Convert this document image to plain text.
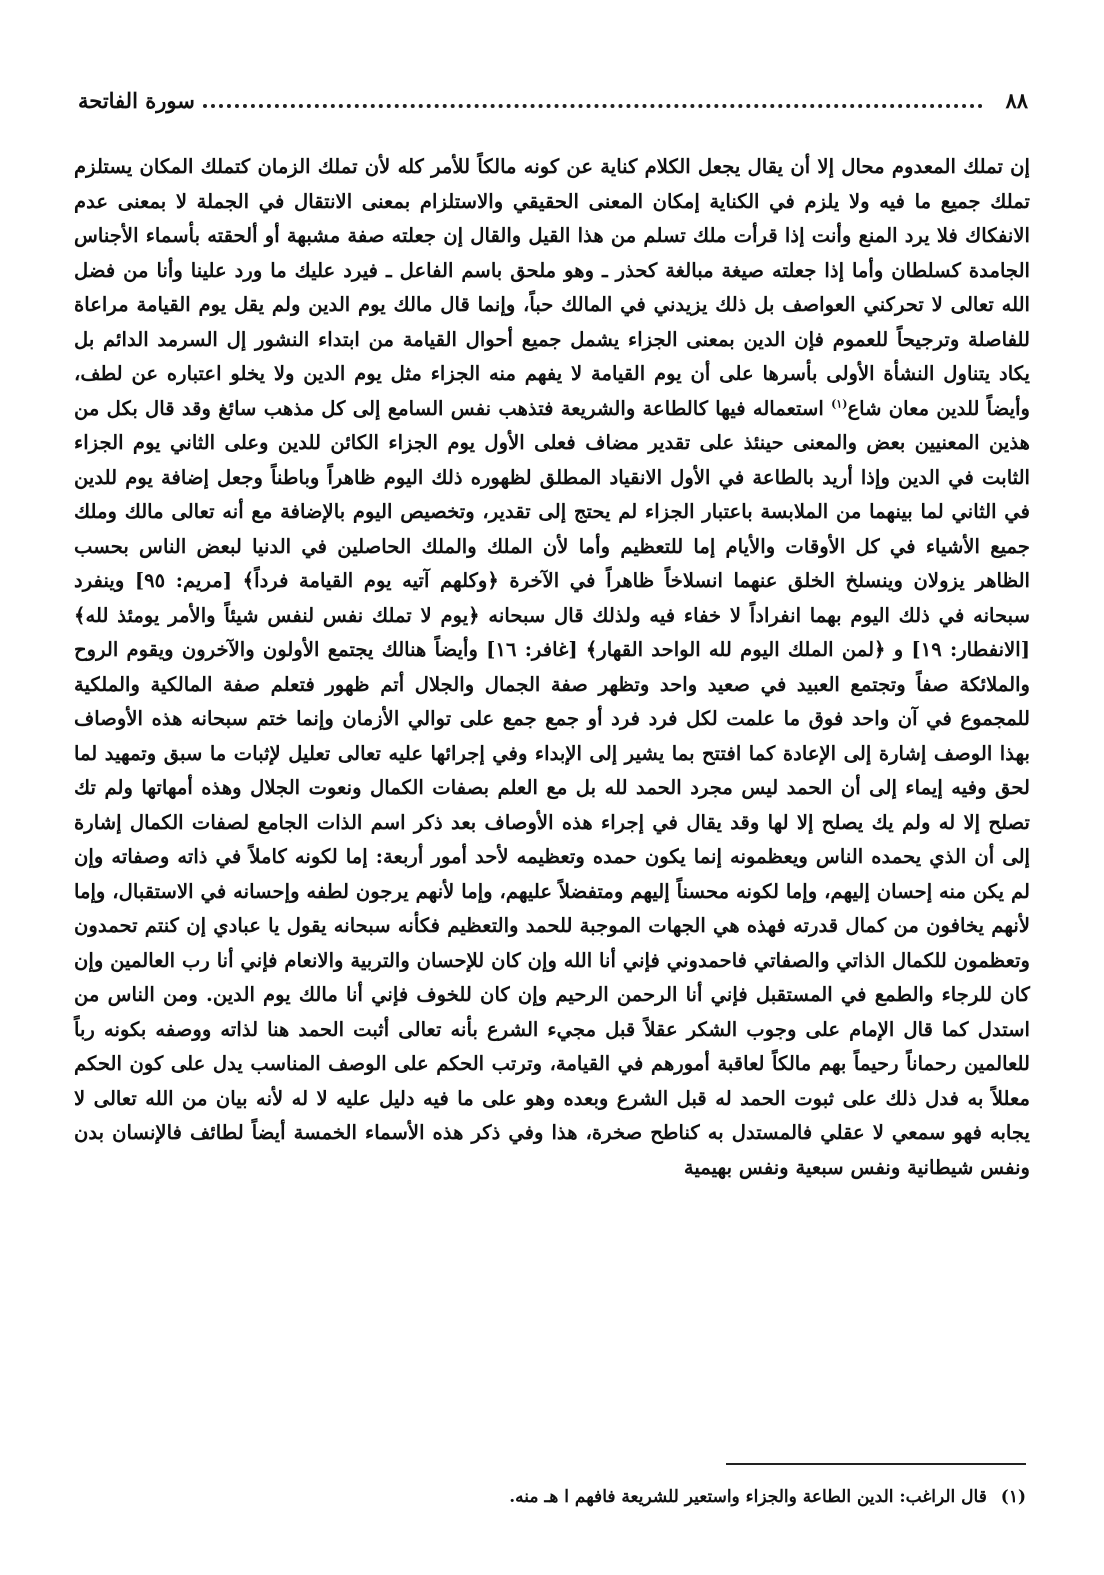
٨٨
سورة الفاتحة

إن تملك المعدوم محال إلا أن يقال يجعل الكلام كناية عن كونه مالكاً للأمر كله لأن تملك الزمان كتملك المكان يستلزم تملك جميع ما فيه ولا يلزم في الكناية إمكان المعنى الحقيقي والاستلزام بمعنى الانتقال في الجملة لا بمعنى عدم الانفكاك فلا يرد المنع وأنت إذا قرأت ملك تسلم من هذا القيل والقال إن جعلته صفة مشبهة أو ألحقته بأسماء الأجناس الجامدة كسلطان وأما إذا جعلته صيغة مبالغة كحذر ـ وهو ملحق باسم الفاعل ـ فيرد عليك ما ورد علينا وأنا من فضل الله تعالى لا تحركني العواصف بل ذلك يزيدني في المالك حباً، وإنما قال مالك يوم الدين ولم يقل يوم القيامة مراعاة للفاصلة وترجيحاً للعموم فإن الدين بمعنى الجزاء يشمل جميع أحوال القيامة من ابتداء النشور إل السرمد الدائم بل يكاد يتناول النشأة الأولى بأسرها على أن يوم القيامة لا يفهم منه الجزاء مثل يوم الدين ولا يخلو اعتباره عن لطف، وأيضاً للدين معان شاع$^{(١)}$ استعماله فيها كالطاعة والشريعة فتذهب نفس السامع إلى كل مذهب سائغ وقد قال بكل من هذين المعنيين بعض والمعنى حينئذ على تقدير مضاف فعلى الأول يوم الجزاء الكائن للدين وعلى الثاني يوم الجزاء الثابت في الدين وإذا أريد بالطاعة في الأول الانقياد المطلق لظهوره ذلك اليوم ظاهراً وباطناً وجعل إضافة يوم للدين في الثاني لما بينهما من الملابسة باعتبار الجزاء لم يحتج إلى تقدير، وتخصيص اليوم بالإضافة مع أنه تعالى مالك وملك جميع الأشياء في كل الأوقات والأيام إما للتعظيم وأما لأن الملك والملك الحاصلين في الدنيا لبعض الناس بحسب الظاهر يزولان وينسلخ الخلق عنهما انسلاخاً ظاهراً في الآخرة ﴿وكلهم آتيه يوم القيامة فرداً﴾ [مريم: ٩٥] وينفرد سبحانه في ذلك اليوم بهما انفراداً لا خفاء فيه ولذلك قال سبحانه ﴿يوم لا تملك نفس لنفس شيئاً والأمر يومئذ لله﴾ [الانفطار: ١٩] و ﴿لمن الملك اليوم لله الواحد القهار﴾ [غافر: ١٦] وأيضاً هنالك يجتمع الأولون والآخرون ويقوم الروح والملائكة صفاً وتجتمع العبيد في صعيد واحد وتظهر صفة الجمال والجلال أتم ظهور فتعلم صفة المالكية والملكية للمجموع في آن واحد فوق ما علمت لكل فرد فرد أو جمع جمع على توالي الأزمان وإنما ختم سبحانه هذه الأوصاف بهذا الوصف إشارة إلى الإعادة كما افتتح بما يشير إلى الإبداء وفي إجرائها عليه تعالى تعليل لإثبات ما سبق وتمهيد لما لحق وفيه إيماء إلى أن الحمد ليس مجرد الحمد لله بل مع العلم بصفات الكمال ونعوت الجلال وهذه أمهاتها ولم تك تصلح إلا له ولم يك يصلح إلا لها وقد يقال في إجراء هذه الأوصاف بعد ذكر اسم الذات الجامع لصفات الكمال إشارة إلى أن الذي يحمده الناس ويعظمونه إنما يكون حمده وتعظيمه لأحد أمور أربعة: إما لكونه كاملاً في ذاته وصفاته وإن لم يكن منه إحسان إليهم، وإما لكونه محسناً إليهم ومتفضلاً عليهم، وإما لأنهم يرجون لطفه وإحسانه في الاستقبال، وإما لأنهم يخافون من كمال قدرته فهذه هي الجهات الموجبة للحمد والتعظيم فكأنه سبحانه يقول يا عبادي إن كنتم تحمدون وتعظمون للكمال الذاتي والصفاتي فاحمدوني فإني أنا الله وإن كان للإحسان والتربية والانعام فإني أنا رب العالمين وإن كان للرجاء والطمع في المستقبل فإني أنا الرحمن الرحيم وإن كان للخوف فإني أنا مالك يوم الدين. ومن الناس من استدل كما قال الإمام على وجوب الشكر عقلاً قبل مجيء الشرع بأنه تعالى أثبت الحمد هنا لذاته ووصفه بكونه رباً للعالمين رحماناً رحيماً بهم مالكاً لعاقبة أمورهم في القيامة، وترتب الحكم على الوصف المناسب يدل على كون الحكم معللاً به فدل ذلك على ثبوت الحمد له قبل الشرع وبعده وهو على ما فيه دليل عليه لا له لأنه بيان من الله تعالى لا يجابه فهو سمعي لا عقلي فالمستدل به كناطح صخرة، هذا وفي ذكر هذه الأسماء الخمسة أيضاً لطائف فالإنسان بدن ونفس شيطانية ونفس سبعية ونفس بهيمية

(١) قال الراغب: الدين الطاعة والجزاء واستعير للشريعة فافهم ا هـ منه.
